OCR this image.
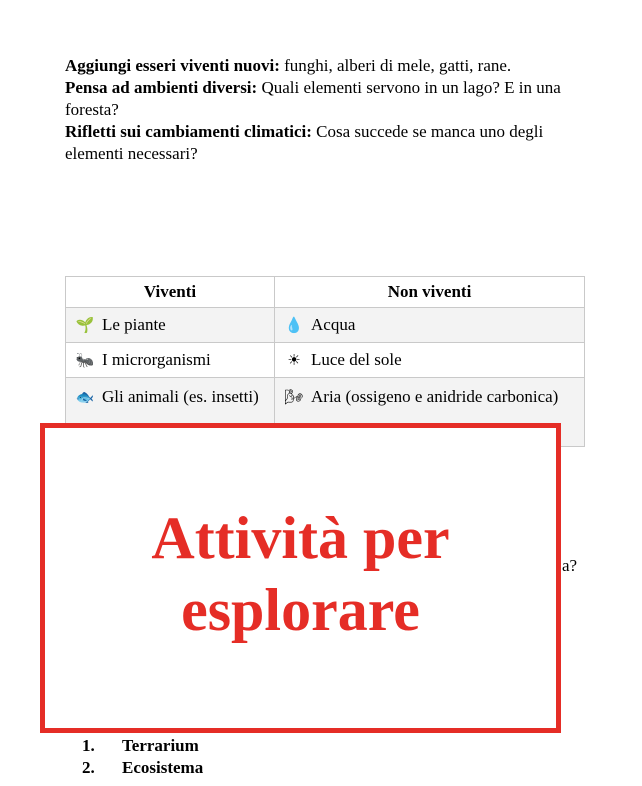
Aggiungi esseri viventi nuovi: funghi, alberi di mele, gatti, rane.

Pensa ad ambienti diversi: Quali elementi servono in un lago? E in una foresta?

Rifletti sui cambiamenti climatici: Cosa succede se manca uno degli elementi necessari?

Viventi	Non viventi
🌱 Le piante	💧 Acqua
🐜 I microrganismi	☀ Luce del sole
🐟 Gli animali (es. insetti)	🌬 Aria (ossigeno e anidride carbonica)
a?
Attività per esplorare
1.	Terrarium
2.	Ecosistema
